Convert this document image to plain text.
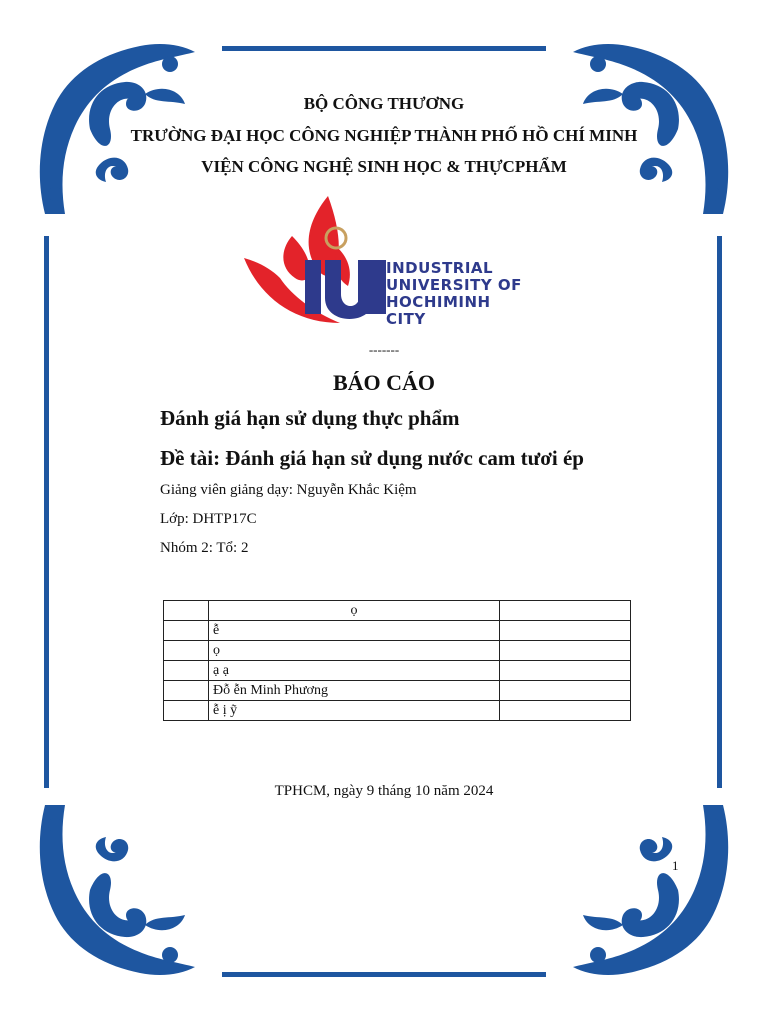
BỘ CÔNG THƯƠNG
TRƯỜNG ĐẠI HỌC CÔNG NGHIỆP THÀNH PHỐ HỒ CHÍ MINH
VIỆN CÔNG NGHỆ SINH HỌC & THỰCPHẨM
INDUSTRIAL
UNIVERSITY OF
HOCHIMINH CITY
-------
BÁO CÁO
Đánh giá hạn sử dụng thực phẩm
Đề tài: Đánh giá hạn sử dụng nước cam tươi ép
Giảng viên giảng dạy: Nguyễn Khắc Kiệm
Lớp: DHTP17C
Nhóm 2: Tổ: 2
	ọ	
	ễ	
	ọ	
	ạ ạ	
	Đỗ ễn Minh Phương	
	ễ ị ỹ	
TPHCM, ngày 9 tháng 10 năm 2024
1
